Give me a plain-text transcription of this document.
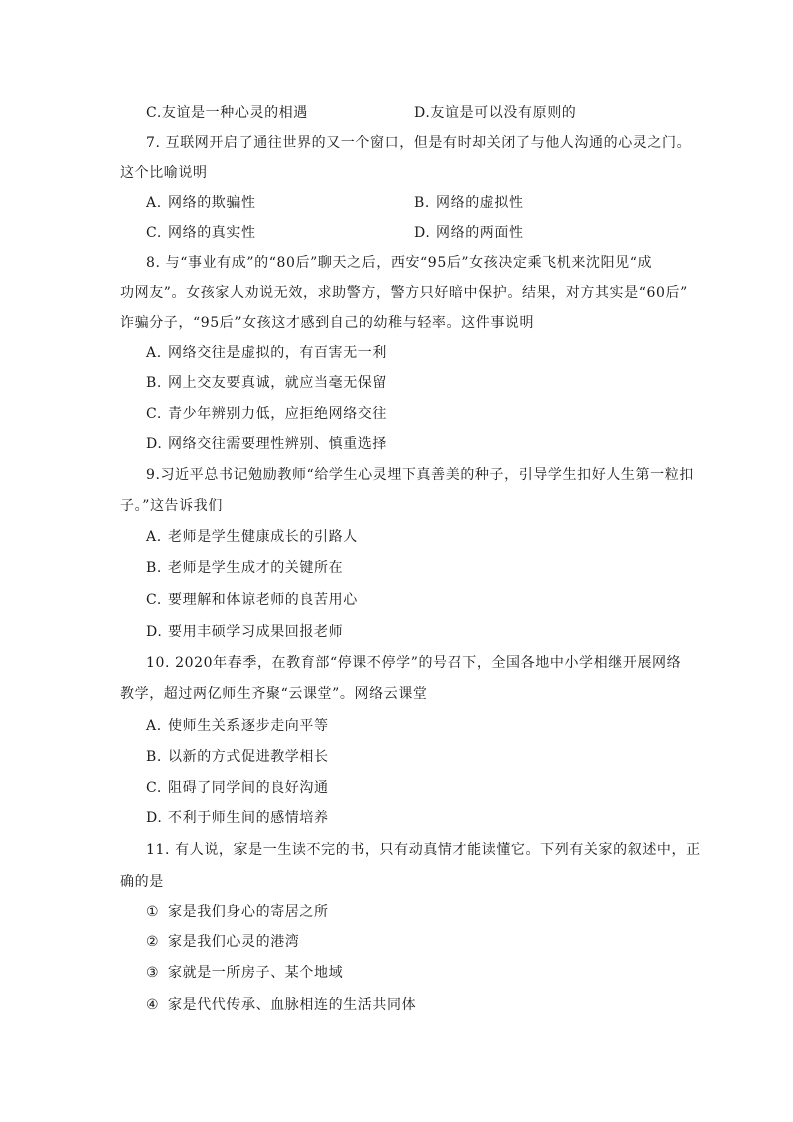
C.友谊是一种心灵的相遇	D.友谊是可以没有原则的
7. 互联网开启了通往世界的又一个窗口，但是有时却关闭了与他人沟通的心灵之门。
这个比喻说明
A. 网络的欺骗性	B. 网络的虚拟性
C. 网络的真实性	D. 网络的两面性
8. 与“事业有成”的“80后”聊天之后，西安“95后”女孩决定乘飞机来沈阳见“成
功网友”。女孩家人劝说无效，求助警方，警方只好暗中保护。结果，对方其实是“60后”
诈骗分子，“95后”女孩这才感到自己的幼稚与轻率。这件事说明
A. 网络交往是虚拟的，有百害无一利
B. 网上交友要真诚，就应当毫无保留
C. 青少年辨别力低，应拒绝网络交往
D. 网络交往需要理性辨别、慎重选择
9.习近平总书记勉励教师“给学生心灵埋下真善美的种子，引导学生扣好人生第一粒扣
子。”这告诉我们
A. 老师是学生健康成长的引路人
B. 老师是学生成才的关键所在
C. 要理解和体谅老师的良苦用心
D. 要用丰硕学习成果回报老师
10. 2020年春季，在教育部“停课不停学”的号召下，全国各地中小学相继开展网络
教学，超过两亿师生齐聚“云课堂”。网络云课堂
A. 使师生关系逐步走向平等
B. 以新的方式促进教学相长
C. 阻碍了同学间的良好沟通
D. 不利于师生间的感情培养
11. 有人说，家是一生读不完的书，只有动真情才能读懂它。下列有关家的叙述中，正
确的是
① 家是我们身心的寄居之所
② 家是我们心灵的港湾
③ 家就是一所房子、某个地域
④ 家是代代传承、血脉相连的生活共同体
